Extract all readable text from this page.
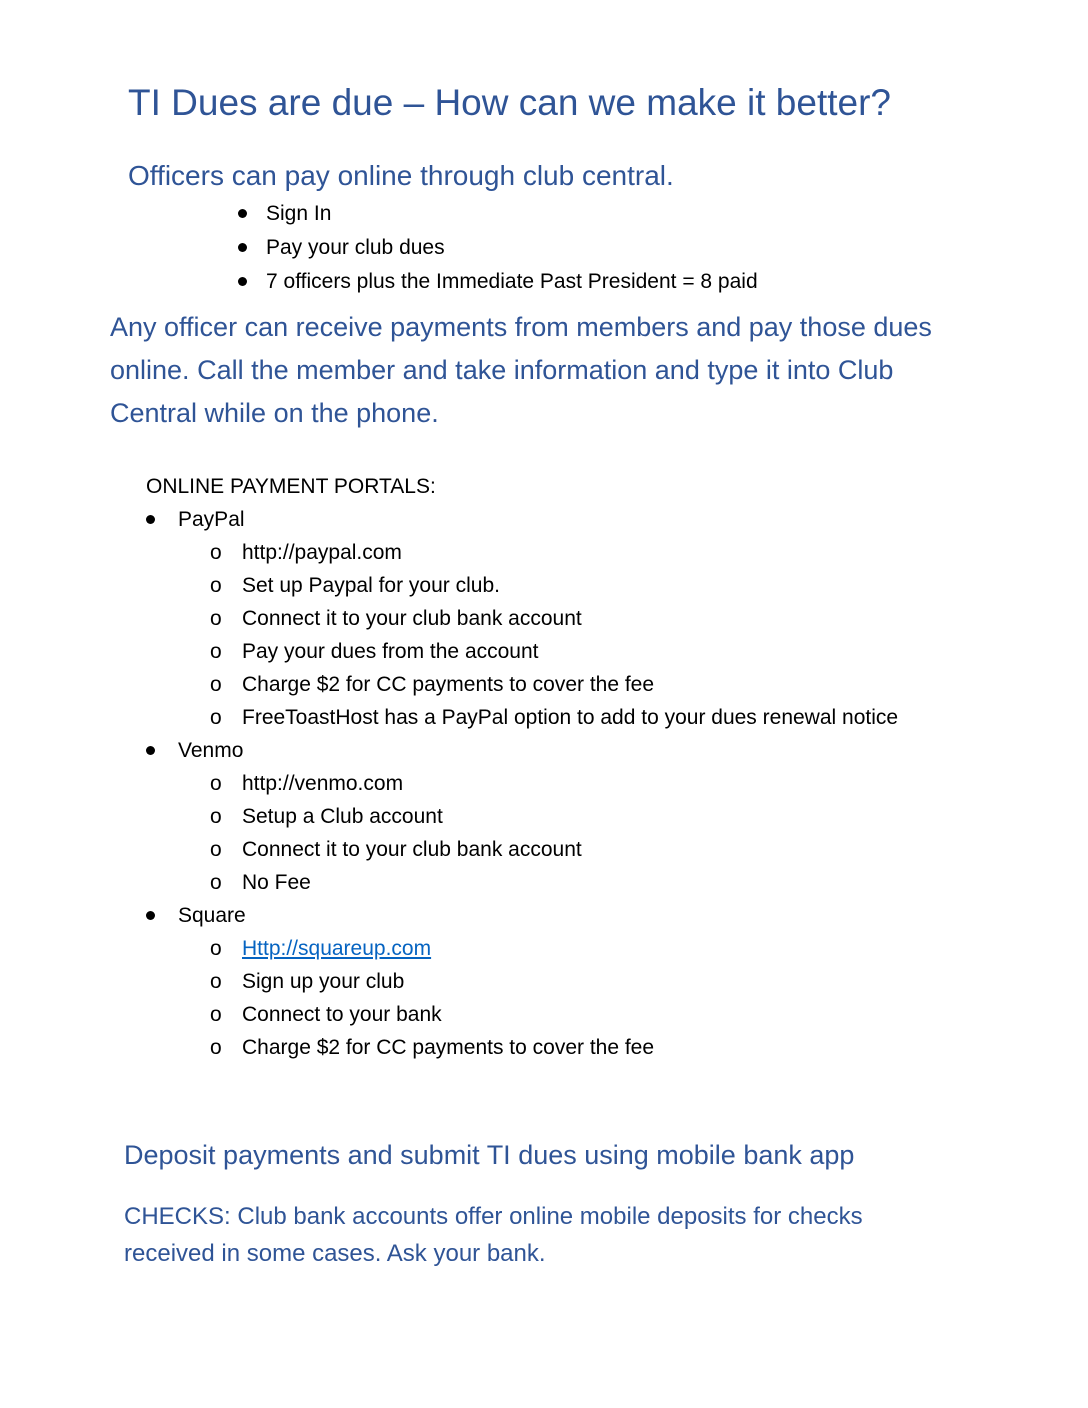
TI Dues are due – How can we make it better?
Officers can pay online through club central.
Sign In
Pay your club dues
7 officers plus the Immediate Past President = 8 paid
Any officer can receive payments from members and pay those dues online. Call the member and take information and type it into Club Central while on the phone.
ONLINE PAYMENT PORTALS:
PayPal
o http://paypal.com
o Set up Paypal for your club.
o Connect it to your club bank account
o Pay your dues from the account
o Charge $2 for CC payments to cover the fee
o FreeToastHost has a PayPal option to add to your dues renewal notice
Venmo
o http://venmo.com
o Setup a Club account
o Connect it to your club bank account
o No Fee
Square
o Http://squareup.com
o Sign up your club
o Connect to your bank
o Charge $2 for CC payments to cover the fee
Deposit payments and submit TI dues using mobile bank app
CHECKS: Club bank accounts offer online mobile deposits for checks received in some cases. Ask your bank.
